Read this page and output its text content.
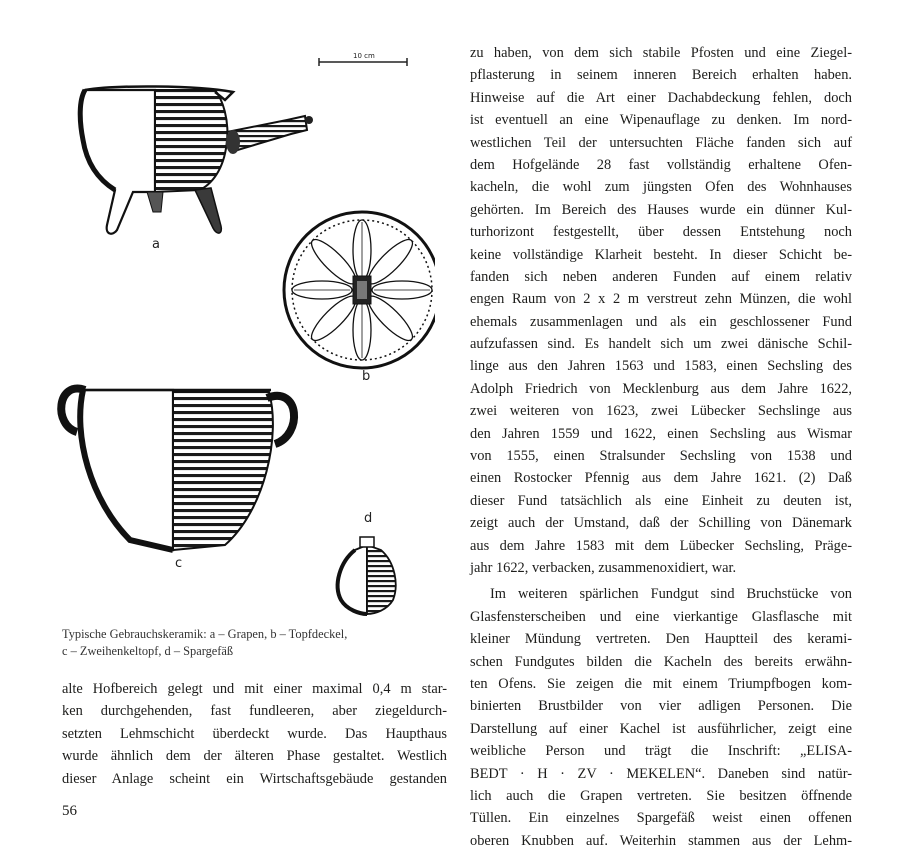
a
b
c
d
10 cm
Typische Gebrauchskeramik: a – Grapen, b – Topfdeckel,
c – Zweihenkeltopf, d – Spargefäß
alte Hofbereich gelegt und mit einer maximal 0,4 m star-
ken durchgehenden, fast fundleeren, aber ziegeldurch-
setzten Lehmschicht überdeckt wurde. Das Haupthaus
wurde ähnlich dem der älteren Phase gestaltet. Westlich
dieser Anlage scheint ein Wirtschaftsgebäude gestanden
zu haben, von dem sich stabile Pfosten und eine Ziegel-
pflasterung in seinem inneren Bereich erhalten haben.
Hinweise auf die Art einer Dachabdeckung fehlen, doch
ist eventuell an eine Wipenauflage zu denken. Im nord-
westlichen Teil der untersuchten Fläche fanden sich auf
dem Hofgelände 28 fast vollständig erhaltene Ofen-
kacheln, die wohl zum jüngsten Ofen des Wohnhauses
gehörten. Im Bereich des Hauses wurde ein dünner Kul-
turhorizont festgestellt, über dessen Entstehung noch
keine vollständige Klarheit besteht. In dieser Schicht be-
fanden sich neben anderen Funden auf einem relativ
engen Raum von 2 x 2 m verstreut zehn Münzen, die wohl
ehemals zusammenlagen und als ein geschlossener Fund
aufzufassen sind. Es handelt sich um zwei dänische Schil-
linge aus den Jahren 1563 und 1583, einen Sechsling des
Adolph Friedrich von Mecklenburg aus dem Jahre 1622,
zwei weiteren von 1623, zwei Lübecker Sechslinge aus
den Jahren 1559 und 1622, einen Sechsling aus Wismar
von 1555, einen Stralsunder Sechsling von 1538 und
einen Rostocker Pfennig aus dem Jahre 1621. (2) Daß
dieser Fund tatsächlich als eine Einheit zu deuten ist,
zeigt auch der Umstand, daß der Schilling von Dänemark
aus dem Jahre 1583 mit dem Lübecker Sechsling, Präge-
jahr 1622, verbacken, zusammenoxidiert, war.
Im weiteren spärlichen Fundgut sind Bruchstücke von
Glasfensterscheiben und eine vierkantige Glasflasche mit
kleiner Mündung vertreten. Den Hauptteil des kerami-
schen Fundgutes bilden die Kacheln des bereits erwähn-
ten Ofens. Sie zeigen die mit einem Triumpfbogen kom-
binierten Brustbilder von vier adligen Personen. Die
Darstellung auf einer Kachel ist ausführlicher, zeigt eine
weibliche Person und trägt die Inschrift: „ELISA-
BEDT · H · ZV · MEKELEN“. Daneben sind natür-
lich auch die Grapen vertreten. Sie besitzen öffnende
Tüllen. Ein einzelnes Spargefäß weist einen offenen
oberen Knubben auf. Weiterhin stammen aus der Lehm-
56
